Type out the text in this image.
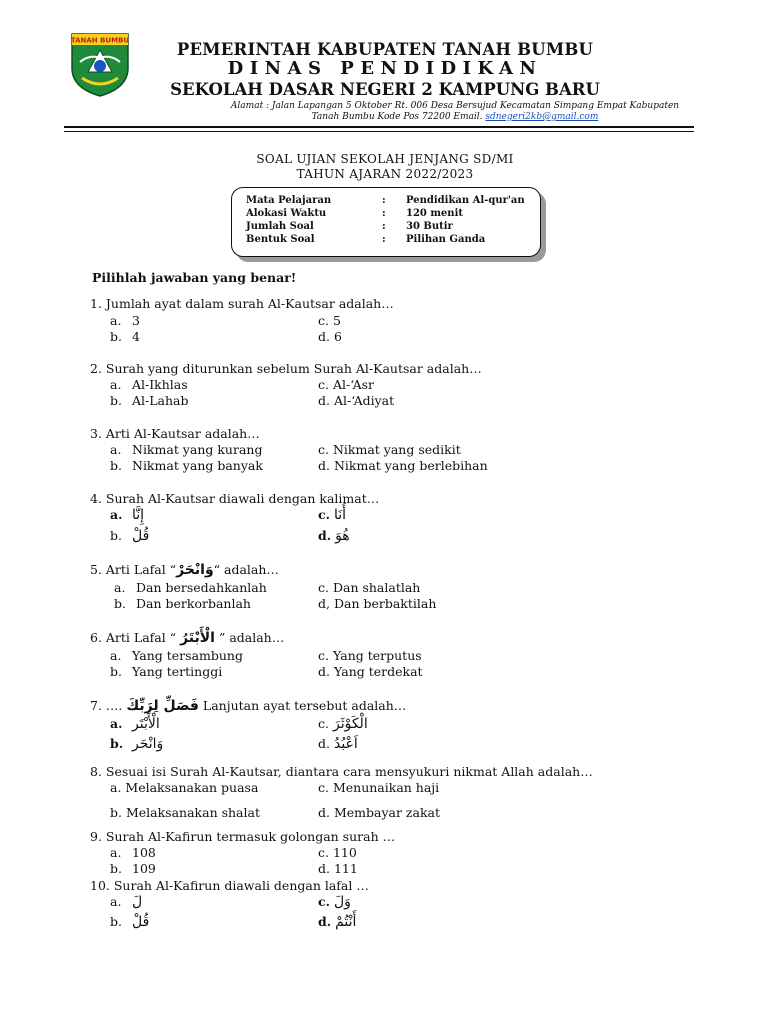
TANAH BUMBU	PEMERINTAH KABUPATEN TANAH BUMBU
DINAS PENDIDIKAN
SEKOLAH DASAR NEGERI 2 KAMPUNG BARU
Alamat : Jalan Lapangan 5 Oktober Rt. 006 Desa Bersujud Kecamatan Simpang Empat Kabupaten
Tanah Bumbu Kode Pos 72200 Email. sdnegeri2kb@gmail.com
SOAL UJIAN SEKOLAH JENJANG SD/MI
TAHUN AJARAN 2022/2023
Mata Pelajaran	: Pendidikan Al-qur'an
Alokasi Waktu	: 120 menit
Jumlah Soal	: 30 Butir
Bentuk Soal	: Pilihan Ganda
Pilihlah jawaban yang benar!
1. Jumlah ayat dalam surah Al-Kautsar adalah…
a. 3	c. 5
b. 4	d. 6
2. Surah yang diturunkan sebelum Surah Al-Kautsar adalah…
a. Al-Ikhlas	c. Al-‘Asr
b. Al-Lahab	d. Al-‘Adiyat
3. Arti Al-Kautsar adalah…
a. Nikmat yang kurang	c. Nikmat yang sedikit
b. Nikmat yang banyak	d. Nikmat yang berlebihan
4. Surah Al-Kautsar diawali dengan kalimat…
a. إِنَّا	c. أَنَا
b. قُلْ	d. هُوَ
5. Arti Lafal “وَانْحَرْ“ adalah…
a. Dan bersedahkanlah	c. Dan shalatlah
b. Dan berkorbanlah	d, Dan berbaktilah
6. Arti Lafal “ الْأَبْتَرُ ” adalah…
a. Yang tersambung	c. Yang terputus
b. Yang tertinggi	d. Yang terdekat
7. …. فَصَلِّ لِرَبِّكَ Lanjutan ayat tersebut adalah…
a. الْأَبْتَر	c. الْكَوْثَرَ
b. وَانْحَر	d. اَعْبُدُ
8. Sesuai isi Surah Al-Kautsar, diantara cara mensyukuri nikmat Allah adalah…
a. Melaksanakan puasa	c. Menunaikan haji
b. Melaksanakan shalat	d. Membayar zakat
9. Surah Al-Kafirun termasuk golongan surah …
a. 108	c. 110
b. 109	d. 111
10. Surah Al-Kafirun diawali dengan lafal …
a. لَ	c. وَلَ
b. قُلْ	d. أَنْتُمْ
